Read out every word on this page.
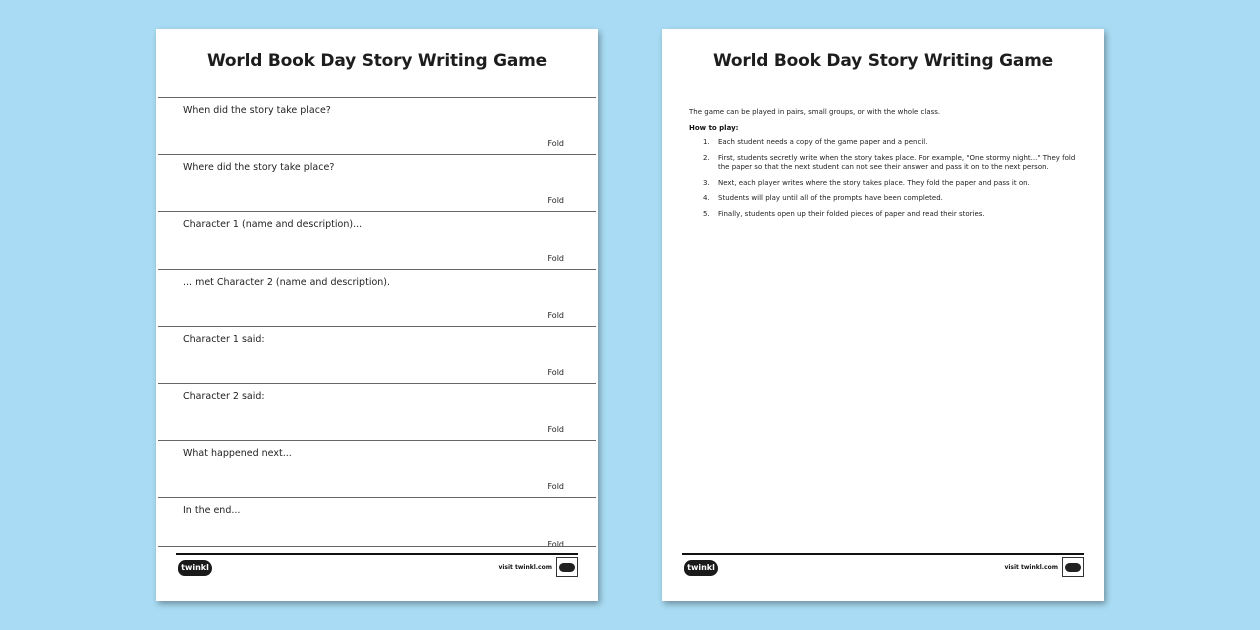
World Book Day Story Writing Game
When did the story take place?
Fold
Where did the story take place?
Fold
Character 1 (name and description)...
Fold
... met Character 2 (name and description).
Fold
Character 1 said:
Fold
Character 2 said:
Fold
What happened next...
Fold
In the end...
Fold
twinkl	visit twinkl.com
World Book Day Story Writing Game
The game can be played in pairs, small groups, or with the whole class.
How to play:
1. Each student needs a copy of the game paper and a pencil.
2. First, students secretly write when the story takes place. For example, "One stormy night..." They fold the paper so that the next student can not see their answer and pass it on to the next person.
3. Next, each player writes where the story takes place. They fold the paper and pass it on.
4. Students will play until all of the prompts have been completed.
5. Finally, students open up their folded pieces of paper and read their stories.
twinkl	visit twinkl.com
